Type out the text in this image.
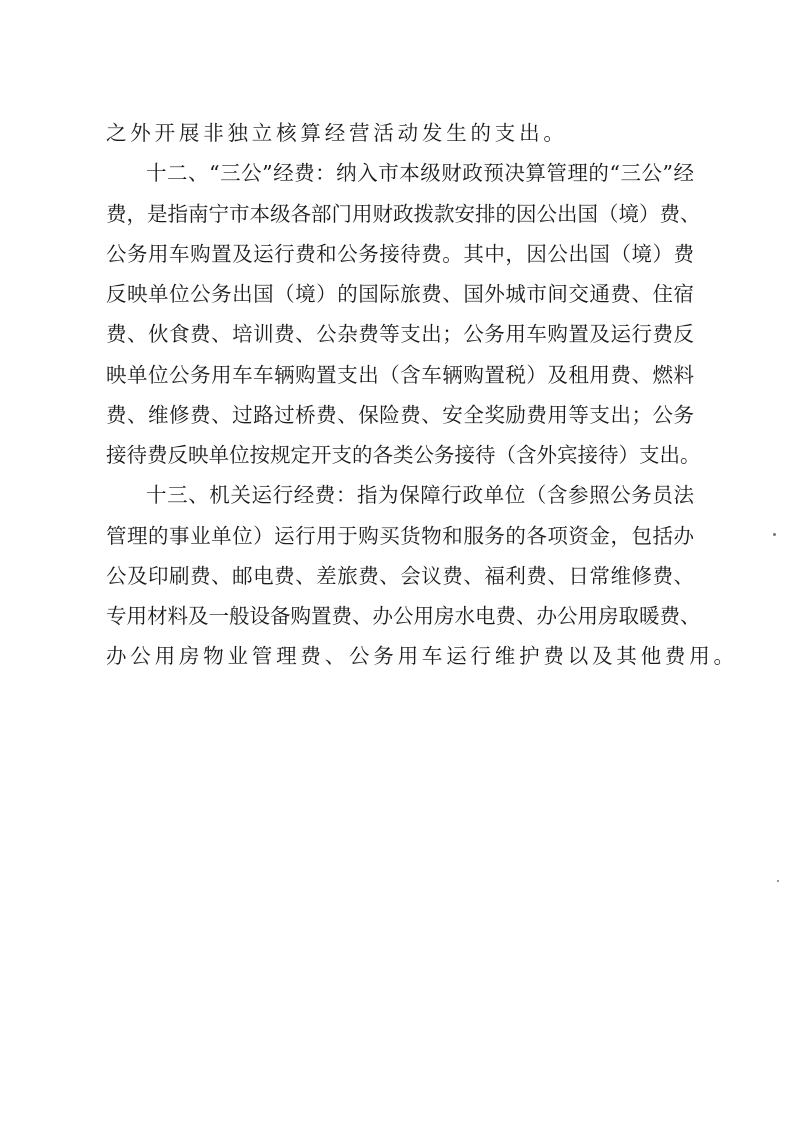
之外开展非独立核算经营活动发生的支出。
十二、“三公”经费：纳入市本级财政预决算管理的“三公”经
费，是指南宁市本级各部门用财政拨款安排的因公出国（境）费、
公务用车购置及运行费和公务接待费。其中，因公出国（境）费
反映单位公务出国（境）的国际旅费、国外城市间交通费、住宿
费、伙食费、培训费、公杂费等支出；公务用车购置及运行费反
映单位公务用车车辆购置支出（含车辆购置税）及租用费、燃料
费、维修费、过路过桥费、保险费、安全奖励费用等支出；公务
接待费反映单位按规定开支的各类公务接待（含外宾接待）支出。
十三、机关运行经费：指为保障行政单位（含参照公务员法
管理的事业单位）运行用于购买货物和服务的各项资金，包括办
公及印刷费、邮电费、差旅费、会议费、福利费、日常维修费、
专用材料及一般设备购置费、办公用房水电费、办公用房取暖费、
办公用房物业管理费、公务用车运行维护费以及其他费用。
